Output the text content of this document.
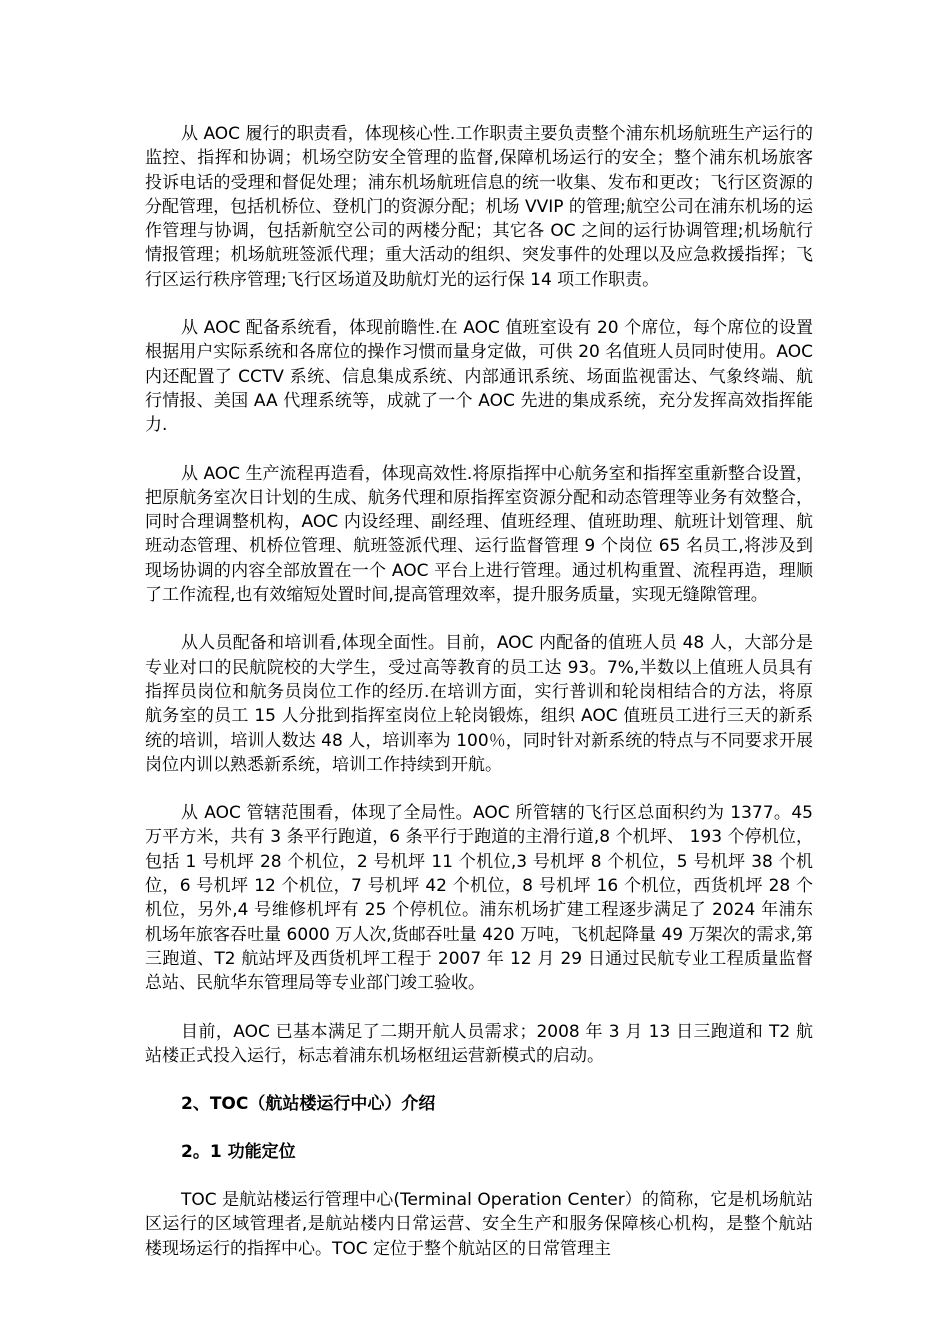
从 AOC 履行的职责看，体现核心性.工作职责主要负责整个浦东机场航班生产运行的监控、指挥和协调；机场空防安全管理的监督,保障机场运行的安全；整个浦东机场旅客投诉电话的受理和督促处理；浦东机场航班信息的统一收集、发布和更改；飞行区资源的分配管理，包括机桥位、登机门的资源分配；机场 VVIP 的管理;航空公司在浦东机场的运作管理与协调，包括新航空公司的两楼分配；其它各 OC 之间的运行协调管理;机场航行情报管理；机场航班签派代理；重大活动的组织、突发事件的处理以及应急救援指挥；飞行区运行秩序管理;飞行区场道及助航灯光的运行保 14 项工作职责。

从 AOC 配备系统看，体现前瞻性.在 AOC 值班室设有 20 个席位，每个席位的设置根据用户实际系统和各席位的操作习惯而量身定做，可供 20 名值班人员同时使用。AOC 内还配置了 CCTV 系统、信息集成系统、内部通讯系统、场面监视雷达、气象终端、航行情报、美国 AA 代理系统等，成就了一个 AOC 先进的集成系统，充分发挥高效指挥能力.

从 AOC 生产流程再造看，体现高效性.将原指挥中心航务室和指挥室重新整合设置，把原航务室次日计划的生成、航务代理和原指挥室资源分配和动态管理等业务有效整合，同时合理调整机构，AOC 内设经理、副经理、值班经理、值班助理、航班计划管理、航班动态管理、机桥位管理、航班签派代理、运行监督管理 9 个岗位 65 名员工,将涉及到现场协调的内容全部放置在一个 AOC 平台上进行管理。通过机构重置、流程再造，理顺了工作流程,也有效缩短处置时间,提高管理效率，提升服务质量，实现无缝隙管理。

从人员配备和培训看,体现全面性。目前，AOC 内配备的值班人员 48 人，大部分是专业对口的民航院校的大学生，受过高等教育的员工达 93。7%,半数以上值班人员具有指挥员岗位和航务员岗位工作的经历.在培训方面，实行普训和轮岗相结合的方法，将原航务室的员工 15 人分批到指挥室岗位上轮岗锻炼，组织 AOC 值班员工进行三天的新系统的培训，培训人数达 48 人，培训率为 100％，同时针对新系统的特点与不同要求开展岗位内训以熟悉新系统，培训工作持续到开航。

从 AOC 管辖范围看，体现了全局性。AOC 所管辖的飞行区总面积约为 1377。45 万平方米，共有 3 条平行跑道，6 条平行于跑道的主滑行道,8 个机坪、 193 个停机位，包括 1 号机坪 28 个机位，2 号机坪 11 个机位,3 号机坪 8 个机位，5 号机坪 38 个机位，6 号机坪 12 个机位，7 号机坪 42 个机位，8 号机坪 16 个机位，西货机坪 28 个机位，另外,4 号维修机坪有 25 个停机位。浦东机场扩建工程逐步满足了 2024 年浦东机场年旅客吞吐量 6000 万人次,货邮吞吐量 420 万吨，飞机起降量 49 万架次的需求,第三跑道、T2 航站坪及西货机坪工程于 2007 年 12 月 29 日通过民航专业工程质量监督总站、民航华东管理局等专业部门竣工验收。

目前，AOC 已基本满足了二期开航人员需求；2008 年 3 月 13 日三跑道和 T2 航站楼正式投入运行，标志着浦东机场枢纽运营新模式的启动。

2、TOC（航站楼运行中心）介绍

2。1 功能定位

TOC 是航站楼运行管理中心(Terminal Operation Center）的简称，它是机场航站区运行的区域管理者,是航站楼内日常运营、安全生产和服务保障核心机构，是整个航站楼现场运行的指挥中心。TOC 定位于整个航站区的日常管理主
